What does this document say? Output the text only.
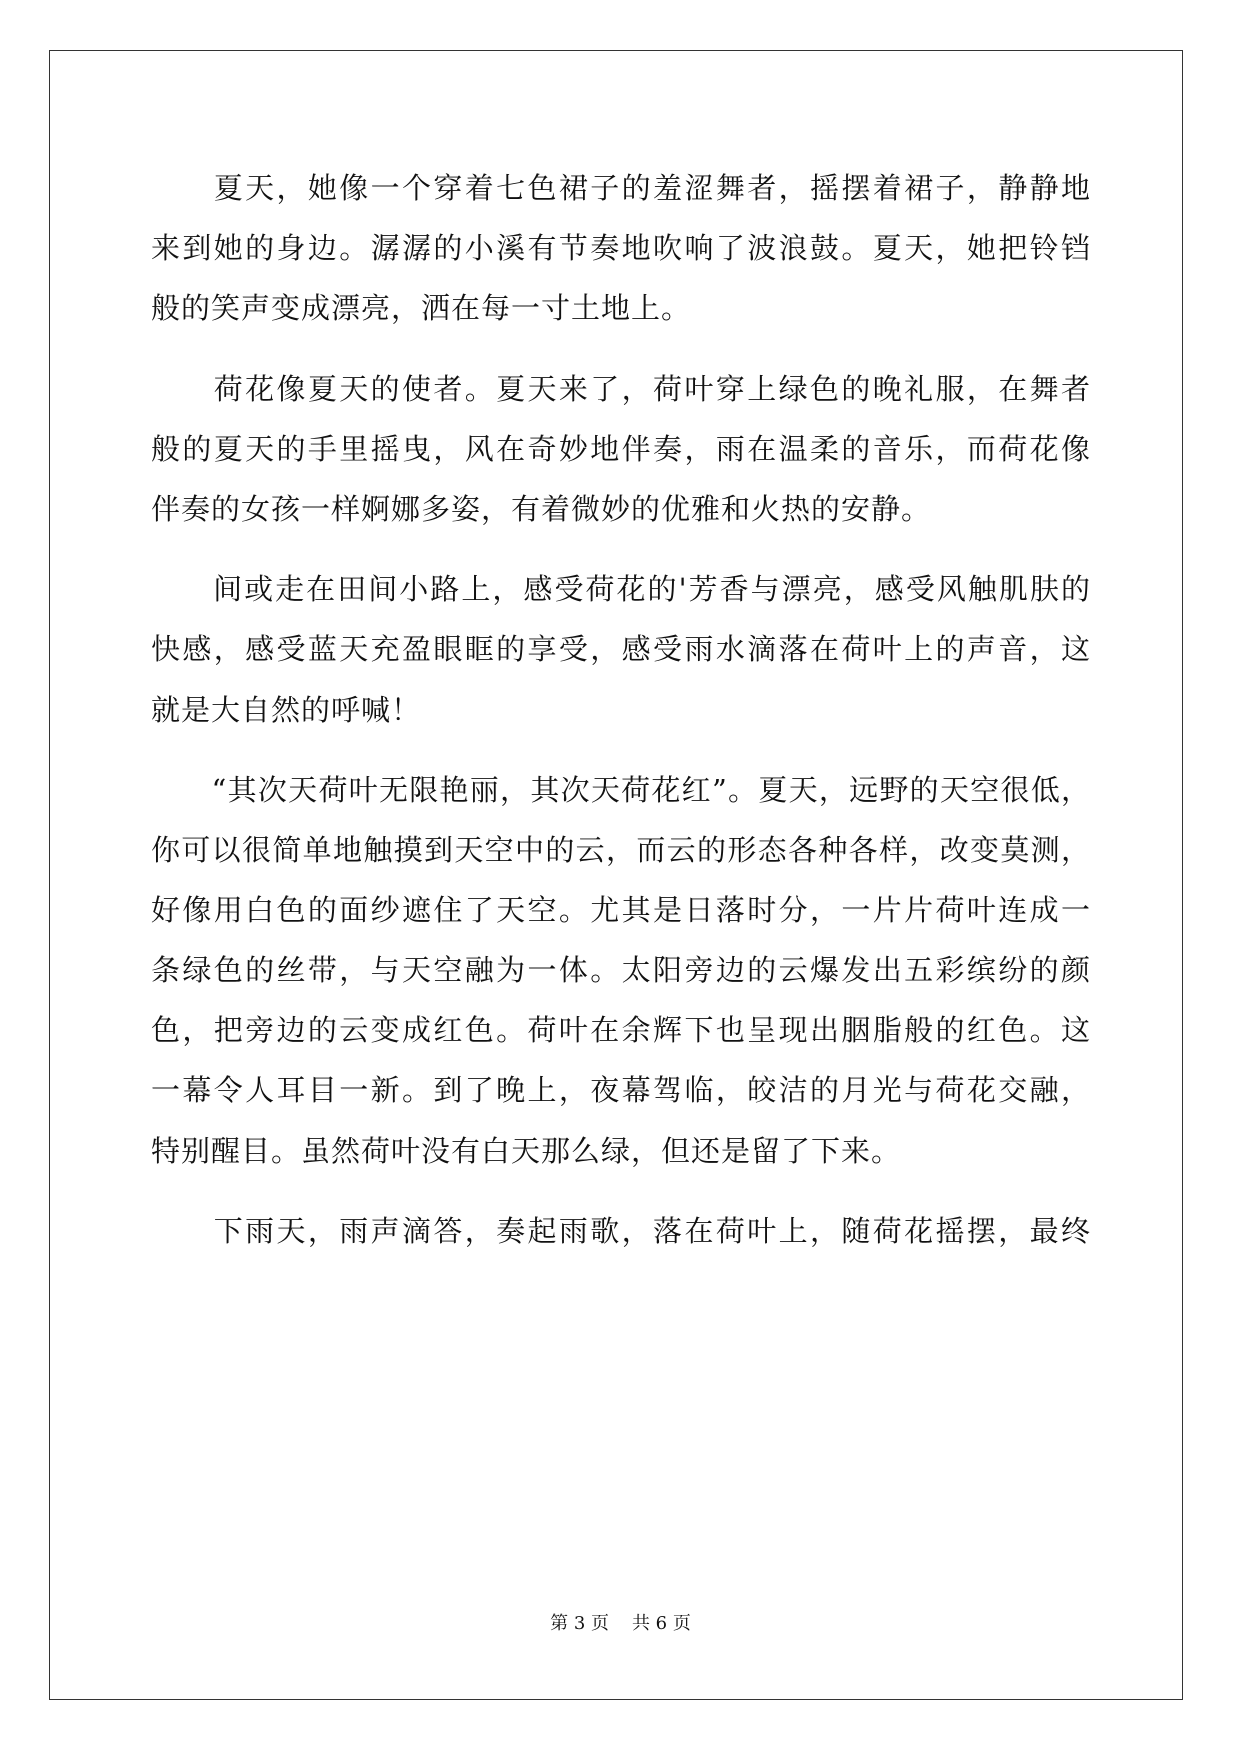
　　夏天，她像一个穿着七色裙子的羞涩舞者，摇摆着裙子，静静地
来到她的身边。潺潺的小溪有节奏地吹响了波浪鼓。夏天，她把铃铛
般的笑声变成漂亮，洒在每一寸土地上。
　　荷花像夏天的使者。夏天来了，荷叶穿上绿色的晚礼服，在舞者
般的夏天的手里摇曳，风在奇妙地伴奏，雨在温柔的音乐，而荷花像
伴奏的女孩一样婀娜多姿，有着微妙的优雅和火热的安静。
　　间或走在田间小路上，感受荷花的'芳香与漂亮，感受风触肌肤的
快感，感受蓝天充盈眼眶的享受，感受雨水滴落在荷叶上的声音，这
就是大自然的呼喊！
　　“其次天荷叶无限艳丽，其次天荷花红”。夏天，远野的天空很低，
你可以很简单地触摸到天空中的云，而云的形态各种各样，改变莫测，
好像用白色的面纱遮住了天空。尤其是日落时分，一片片荷叶连成一
条绿色的丝带，与天空融为一体。太阳旁边的云爆发出五彩缤纷的颜
色，把旁边的云变成红色。荷叶在余辉下也呈现出胭脂般的红色。这
一幕令人耳目一新。到了晚上，夜幕驾临，皎洁的月光与荷花交融，
特别醒目。虽然荷叶没有白天那么绿，但还是留了下来。
　　下雨天，雨声滴答，奏起雨歌，落在荷叶上，随荷花摇摆，最终
第 3 页 共 6 页
